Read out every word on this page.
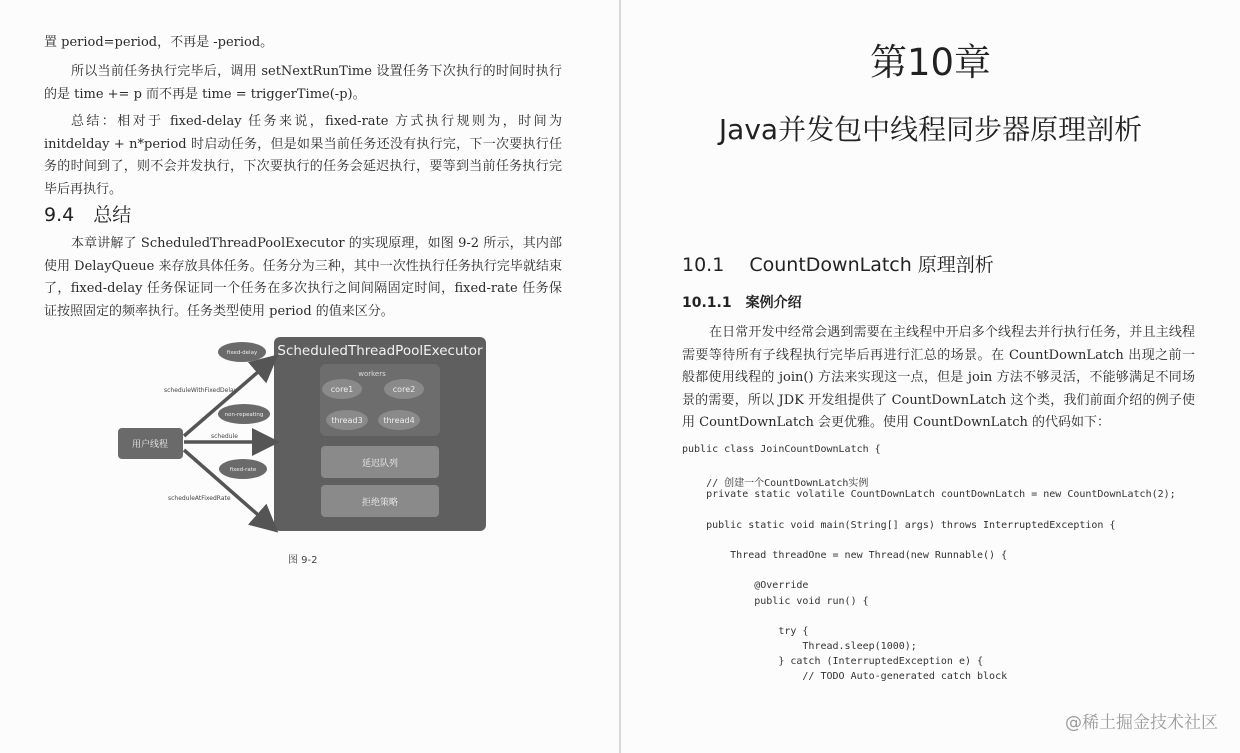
置 period=period，不再是 -period。

所以当前任务执行完毕后，调用 setNextRunTime 设置任务下次执行的时间时执行的是 time += p 而不再是 time = triggerTime(-p)。

总结：相对于 fixed-delay 任务来说，fixed-rate 方式执行规则为，时间为 initdelday + n*period 时启动任务，但是如果当前任务还没有执行完，下一次要执行任务的时间到了，则不会并发执行，下次要执行的任务会延迟执行，要等到当前任务执行完毕后再执行。

9.4　总结

本章讲解了 ScheduledThreadPoolExecutor 的实现原理，如图 9-2 所示，其内部使用 DelayQueue 来存放具体任务。任务分为三种，其中一次性执行任务执行完毕就结束了，fixed-delay 任务保证同一个任务在多次执行之间间隔固定时间，fixed-rate 任务保证按照固定的频率执行。任务类型使用 period 的值来区分。

ScheduledThreadPoolExecutor
workers
core1	core2
thread3	thread4
延迟队列
拒绝策略
用户线程
scheduleWithFixedDelay
schedule
scheduleAtFixedRate
fixed-delay
non-repeating
fixed-rate
图 9-2
第10章
Java并发包中线程同步器原理剖析
10.1　 CountDownLatch 原理剖析
10.1.1　案例介绍

在日常开发中经常会遇到需要在主线程中开启多个线程去并行执行任务，并且主线程需要等待所有子线程执行完毕后再进行汇总的场景。在 CountDownLatch 出现之前一般都使用线程的 join() 方法来实现这一点，但是 join 方法不够灵活，不能够满足不同场景的需要，所以 JDK 开发组提供了 CountDownLatch 这个类，我们前面介绍的例子使用 CountDownLatch 会更优雅。使用 CountDownLatch 的代码如下：

public class JoinCountDownLatch {
// 创建一个CountDownLatch实例
private static volatile CountDownLatch countDownLatch = new CountDownLatch(2);
public static void main(String[] args) throws InterruptedException {
Thread threadOne = new Thread(new Runnable() {
@Override
public void run() {
try {
Thread.sleep(1000);
} catch (InterruptedException e) {
// TODO Auto-generated catch block
@稀土掘金技术社区
